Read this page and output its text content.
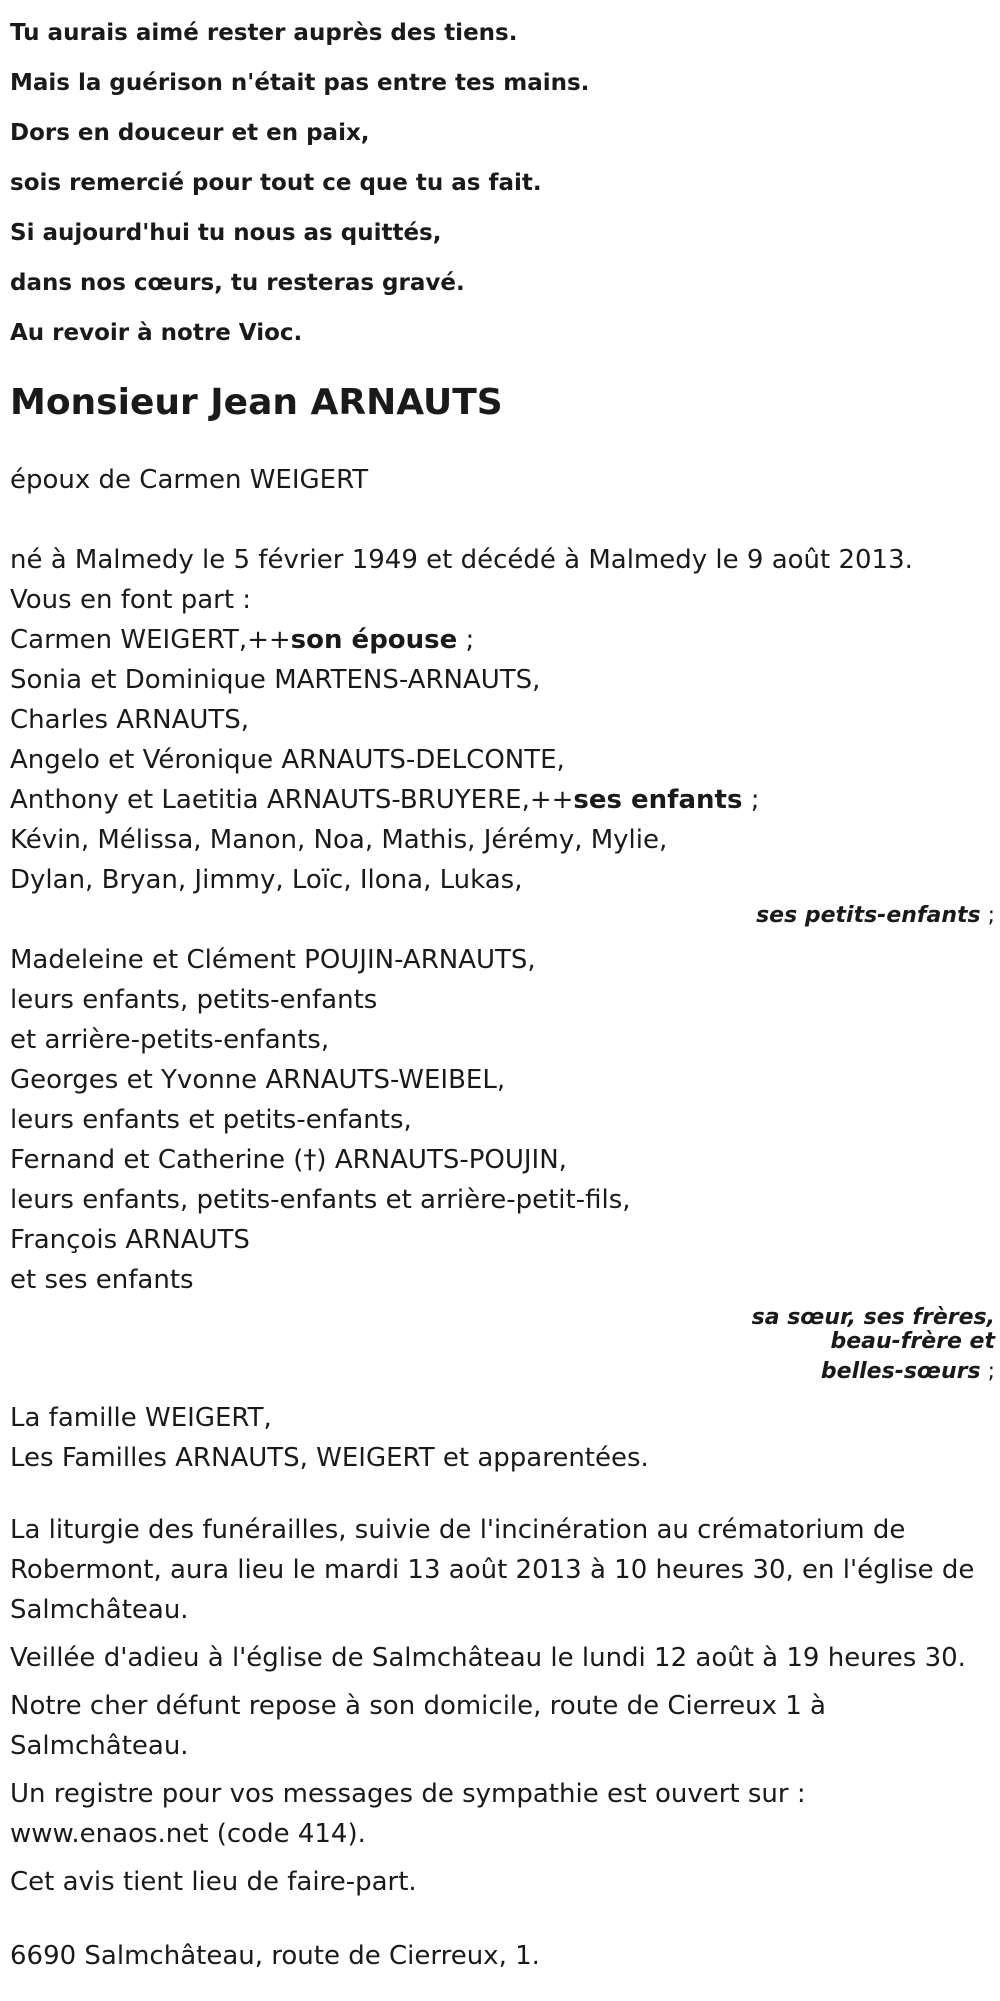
Tu aurais aimé rester auprès des tiens.
Mais la guérison n'était pas entre tes mains.
Dors en douceur et en paix,
sois remercié pour tout ce que tu as fait.
Si aujourd'hui tu nous as quittés,
dans nos cœurs, tu resteras gravé.
Au revoir à notre Vioc.
Monsieur Jean ARNAUTS
époux de Carmen WEIGERT
né à Malmedy le 5 février 1949 et décédé à Malmedy le 9 août 2013.
Vous en font part :
Carmen WEIGERT,++son épouse ;
Sonia et Dominique MARTENS-ARNAUTS,
Charles ARNAUTS,
Angelo et Véronique ARNAUTS-DELCONTE,
Anthony et Laetitia ARNAUTS-BRUYERE,++ses enfants ;
Kévin, Mélissa, Manon, Noa, Mathis, Jérémy, Mylie,
Dylan, Bryan, Jimmy, Loïc, Ilona, Lukas,
ses petits-enfants ;
Madeleine et Clément POUJIN-ARNAUTS,
leurs enfants, petits-enfants
et arrière-petits-enfants,
Georges et Yvonne ARNAUTS-WEIBEL,
leurs enfants et petits-enfants,
Fernand et Catherine (†) ARNAUTS-POUJIN,
leurs enfants, petits-enfants et arrière-petit-fils,
François ARNAUTS
et ses enfants
sa sœur, ses frères,
beau-frère et
belles-sœurs ;
La famille WEIGERT,
Les Familles ARNAUTS, WEIGERT et apparentées.
La liturgie des funérailles, suivie de l'incinération au crématorium de Robermont, aura lieu le mardi 13 août 2013 à 10 heures 30, en l'église de Salmchâteau.
Veillée d'adieu à l'église de Salmchâteau le lundi 12 août à 19 heures 30.
Notre cher défunt repose à son domicile, route de Cierreux 1 à Salmchâteau.
Un registre pour vos messages de sympathie est ouvert sur : www.enaos.net (code 414).
Cet avis tient lieu de faire-part.
6690 Salmchâteau, route de Cierreux, 1.
